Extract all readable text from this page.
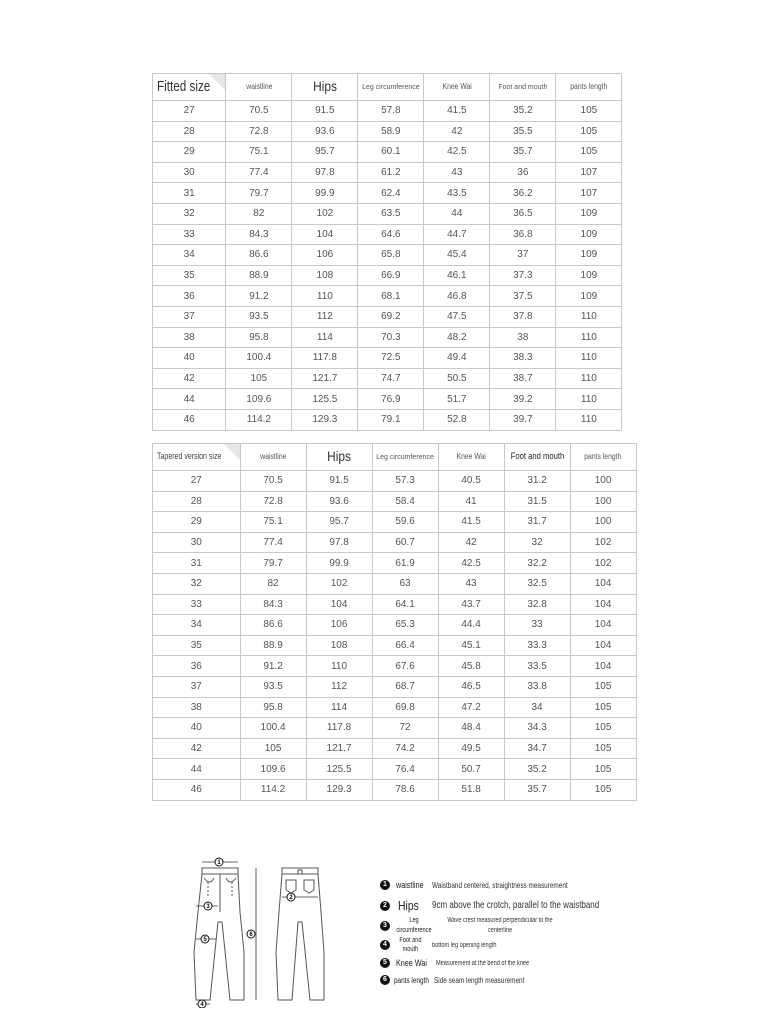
Fitted size	waistline	Hips	Leg circumference	Knee Wai	Foot and mouth	pants length
27	70.5	91.5	57.8	41.5	35.2	105
28	72.8	93.6	58.9	42	35.5	105
29	75.1	95.7	60.1	42.5	35.7	105
30	77.4	97.8	61.2	43	36	107
31	79.7	99.9	62.4	43.5	36.2	107
32	82	102	63.5	44	36.5	109
33	84.3	104	64.6	44.7	36.8	109
34	86.6	106	65.8	45.4	37	109
35	88.9	108	66.9	46.1	37.3	109
36	91.2	110	68.1	46.8	37.5	109
37	93.5	112	69.2	47.5	37.8	110
38	95.8	114	70.3	48.2	38	110
40	100.4	117.8	72.5	49.4	38.3	110
42	105	121.7	74.7	50.5	38.7	110
44	109.6	125.5	76.9	51.7	39.2	110
46	114.2	129.3	79.1	52.8	39.7	110
Tapered version size	waistline	Hips	Leg circumference	Knee Wai	Foot and mouth	pants length
27	70.5	91.5	57.3	40.5	31.2	100
28	72.8	93.6	58.4	41	31.5	100
29	75.1	95.7	59.6	41.5	31.7	100
30	77.4	97.8	60.7	42	32	102
31	79.7	99.9	61.9	42.5	32.2	102
32	82	102	63	43	32.5	104
33	84.3	104	64.1	43.7	32.8	104
34	86.6	106	65.3	44.4	33	104
35	88.9	108	66.4	45.1	33.3	104
36	91.2	110	67.6	45.8	33.5	104
37	93.5	112	68.7	46.5	33.8	105
38	95.8	114	69.8	47.2	34	105
40	100.4	117.8	72	48.4	34.3	105
42	105	121.7	74.2	49.5	34.7	105
44	109.6	125.5	76.4	50.7	35.2	105
46	114.2	129.3	78.6	51.8	35.7	105
1
2
3
4
5
6
1	waistline Waistband centered, straightness measurement
2 Hips	9cm above the crotch, parallel to the waistband
3
Leg circumference
Wave crest measured perpendicular to the centerline
4
Foot and mouth
bottom leg opening length
5	Knee Wai Measurement at the bend of the knee
6 pants length Side seam length measurement
